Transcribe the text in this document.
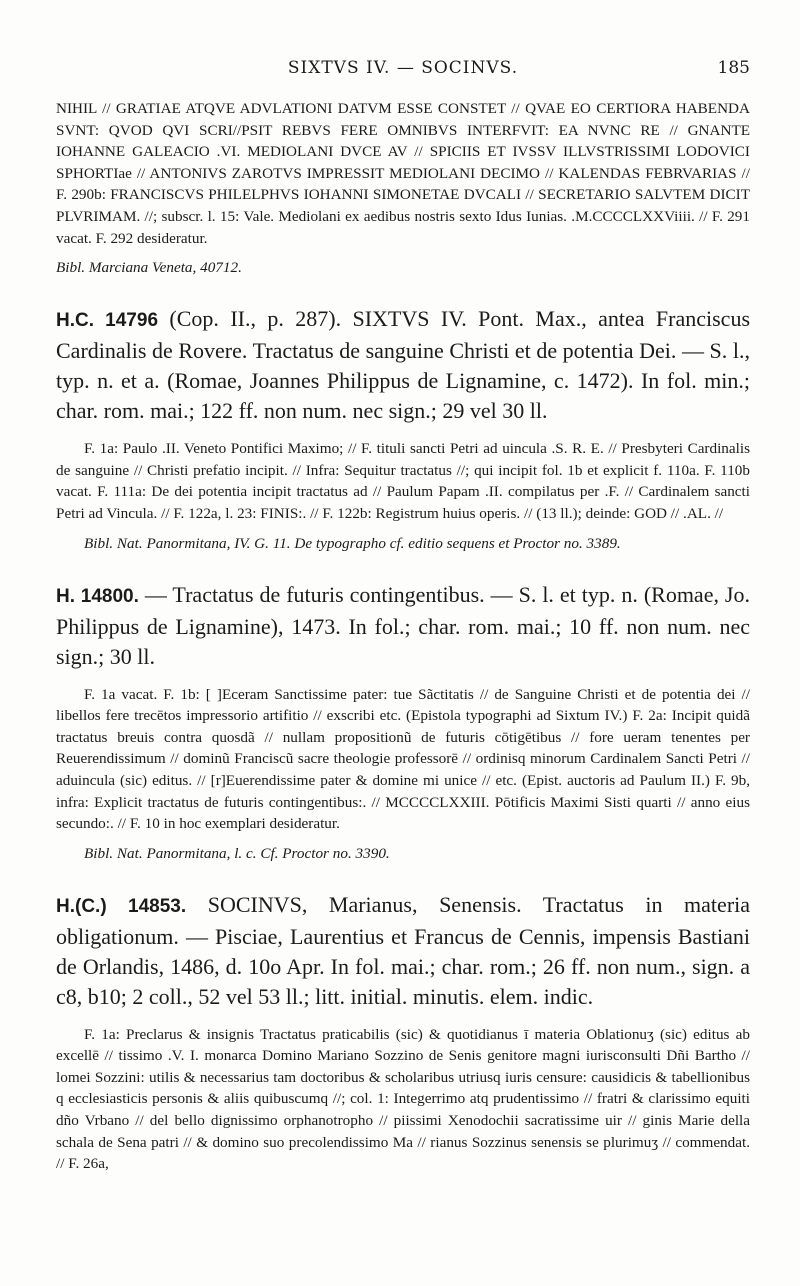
SIXTVS IV. — SOCINVS.	185

NIHIL // GRATIAE ATQVE ADVLATIONI DATVM ESSE CONSTET // QVAE EO CERTIORA HABENDA SVNT: QVOD QVI SCRI//PSIT REBVS FERE OMNIBVS INTERFVIT: EA NVNC RE // GNANTE IOHANNE GALEACIO .VI. MEDIOLANI DVCE AV // SPICIIS ET IVSSV ILLVSTRISSIMI LODOVICI SPHORTIae // ANTONIVS ZAROTVS IMPRESSIT MEDIOLANI DECIMO // KALENDAS FEBRVARIAS // F. 290b: FRANCISCVS PHILELPHVS IOHANNI SIMONETAE DVCALI // SECRETARIO SALVTEM DICIT PLVRIMAM. //; subscr. l. 15: Vale. Mediolani ex aedibus nostris sexto Idus Iunias. .M.CCCCLXXViiii. // F. 291 vacat. F. 292 desideratur.

Bibl. Marciana Veneta, 40712.

H.C. 14796 (Cop. II., p. 287). SIXTVS IV. Pont. Max., antea Franciscus Cardinalis de Rovere. Tractatus de sanguine Christi et de potentia Dei. — S. l., typ. n. et a. (Romae, Joannes Philippus de Lignamine, c. 1472). In fol. min.; char. rom. mai.; 122 ff. non num. nec sign.; 29 vel 30 ll.

F. 1a: Paulo .II. Veneto Pontifici Maximo; // F. tituli sancti Petri ad uincula .S. R. E. // Presbyteri Cardinalis de sanguine // Christi prefatio incipit. // Infra: Sequitur tractatus //; qui incipit fol. 1b et explicit f. 110a. F. 110b vacat. F. 111a: De dei potentia incipit tractatus ad // Paulum Papam .II. compilatus per .F. // Cardinalem sancti Petri ad Vincula. // F. 122a, l. 23: FINIS:. // F. 122b: Registrum huius operis. // (13 ll.); deinde: GOD // .AL. //

Bibl. Nat. Panormitana, IV. G. 11. De typographo cf. editio sequens et Proctor no. 3389.

H. 14800. — Tractatus de futuris contingentibus. — S. l. et typ. n. (Romae, Jo. Philippus de Lignamine), 1473. In fol.; char. rom. mai.; 10 ff. non num. nec sign.; 30 ll.

F. 1a vacat. F. 1b: [ ]Eceram Sanctissime pater: tue Sãctitatis // de Sanguine Christi et de potentia dei // libellos fere trecētos impressorio artifitio // exscribi etc. (Epistola typographi ad Sixtum IV.) F. 2a: Incipit quidã tractatus breuis contra quosdã // nullam propositionũ de futuris cōtigētibus // fore ueram tenentes per Reuerendissimum // dominũ Franciscũ sacre theologie professorē // ordinisq minorum Cardinalem Sancti Petri // aduincula (sic) editus. // [r]Euerendissime pater & domine mi unice // etc. (Epist. auctoris ad Paulum II.) F. 9b, infra: Explicit tractatus de futuris contingentibus:. // MCCCCLXXIII. Pōtificis Maximi Sisti quarti // anno eius secundo:. // F. 10 in hoc exemplari desideratur.

Bibl. Nat. Panormitana, l. c. Cf. Proctor no. 3390.

H.(C.) 14853. SOCINVS, Marianus, Senensis. Tractatus in materia obligationum. — Pisciae, Laurentius et Francus de Cennis, impensis Bastiani de Orlandis, 1486, d. 10o Apr. In fol. mai.; char. rom.; 26 ff. non num., sign. a c8, b10; 2 coll., 52 vel 53 ll.; litt. initial. minutis. elem. indic.

F. 1a: Preclarus & insignis Tractatus praticabilis (sic) & quotidianus ī materia Oblationuʒ (sic) editus ab excellē // tissimo .V. I. monarca Domino Mariano Sozzino de Senis genitore magni iurisconsulti Dñi Bartho // lomei Sozzini: utilis & necessarius tam doctoribus & scholaribus utriusq iuris censure: causidicis & tabellionibus q ecclesiasticis personis & aliis quibuscumq //; col. 1: Integerrimo atq prudentissimo // fratri & clarissimo equiti dño Vrbano // del bello dignissimo orphanotropho // piissimi Xenodochii sacratissime uir // ginis Marie della schala de Sena patri // & domino suo precolendissimo Ma // rianus Sozzinus senensis se plurimuʒ // commendat. // F. 26a,
